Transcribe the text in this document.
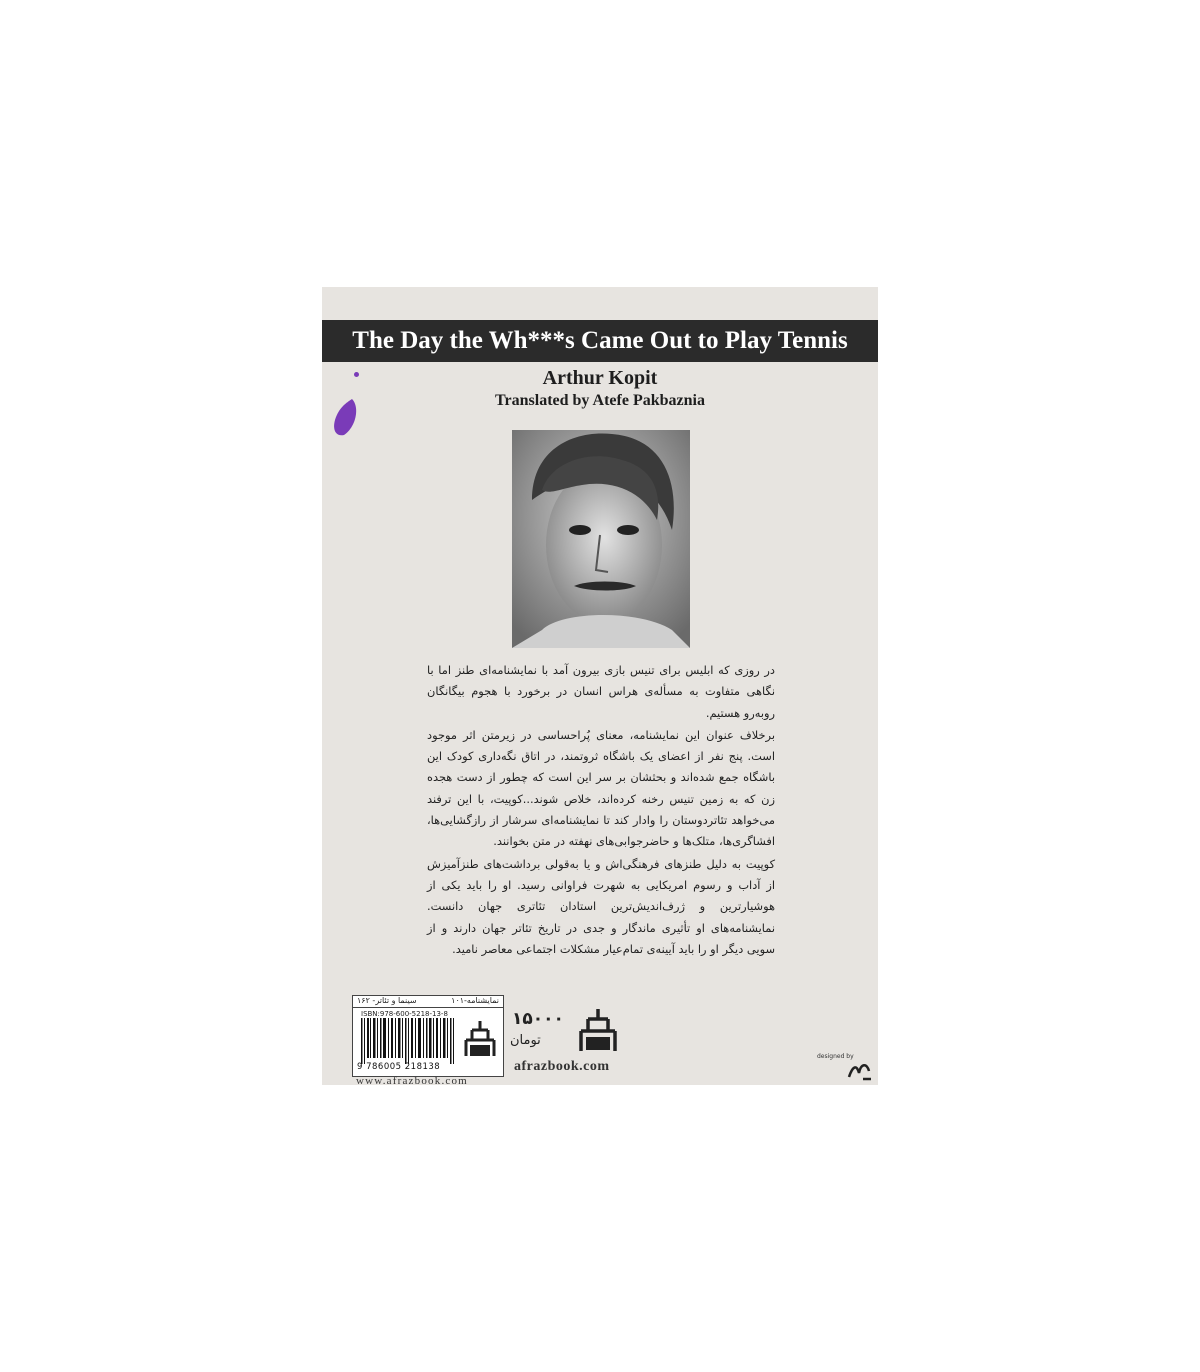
The Day the Wh***s Came Out to Play Tennis
Arthur Kopit
Translated by Atefe Pakbaznia

در روزی که ابلیس برای تنیس بازی بیرون آمد با نمایشنامه‌ای طنز اما با نگاهی متفاوت به مسأله‌ی هراس انسان در برخورد با هجوم بیگانگان روبه‌رو هستیم.

برخلاف عنوان این نمایشنامه، معنای پُراحساسی در زیرمتن اثر موجود است. پنج نفر از اعضای یک باشگاه ثروتمند، در اتاق نگه‌داری کودک این باشگاه جمع شده‌اند و بحثشان بر سر این است که چطور از دست هجده زن که به زمین تنیس رخنه کرده‌اند، خلاص شوند...کوپیت، با این ترفند می‌خواهد تئاتردوستان را وادار کند تا نمایشنامه‌ای سرشار از رازگشایی‌ها، افشاگری‌ها، متلک‌ها و حاضرجوابی‌های نهفته در متن بخوانند.

کوپیت به دلیل طنزهای فرهنگی‌اش و یا به‌قولی برداشت‌های طنزآمیزش از آداب و رسوم امریکایی به شهرت فراوانی رسید. او را باید یکی از هوشیارترین و ژرف‌اندیش‌ترین استادان تئاتری جهان دانست. نمایشنامه‌های او تأثیری ماندگار و جدی در تاریخ تئاتر جهان دارند و از سویی دیگر او را باید آیینه‌ی تمام‌عیار مشکلات اجتماعی معاصر نامید.

نمایشنامه-۱۰۱
سینما و تئاتر- ۱۶۲
ISBN:978-600-5218-13-8
9 786005 218138
۱۵۰۰۰
تومان
afrazbook.com
designed by
www.afrazbook.com
